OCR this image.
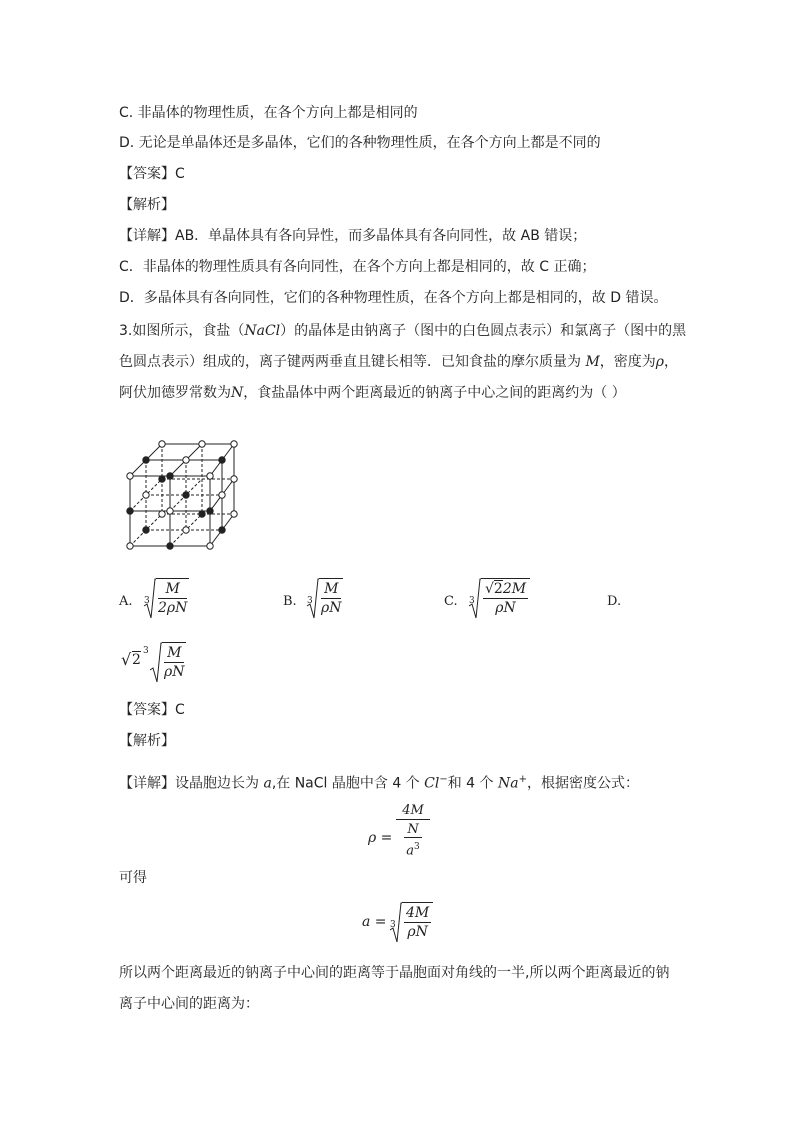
C. 非晶体的物理性质，在各个方向上都是相同的
D. 无论是单晶体还是多晶体，它们的各种物理性质，在各个方向上都是不同的
【答案】C
【解析】
【详解】AB．单晶体具有各向异性，而多晶体具有各向同性，故 AB 错误；
C．非晶体的物理性质具有各向同性，在各个方向上都是相同的，故 C 正确；
D．多晶体具有各向同性，它们的各种物理性质，在各个方向上都是相同的，故 D 错误。
3.如图所示，食盐（NaCl）的晶体是由钠离子（图中的白色圆点表示）和氯离子（图中的黑
色圆点表示）组成的，离子键两两垂直且键长相等．已知食盐的摩尔质量为 M，密度为ρ，
阿伏加德罗常数为N，食盐晶体中两个距离最近的钠离子中心之间的距离约为（ ）
A. $3 \frac{M}{2\rho N}$	B. $3 \frac{M}{\rho N}$	C. $3 \frac{√22M}{\rho N}$	D.
√ 2
$3 \frac{M}{\rho N}$
【答案】C
【解析】
【详解】设晶胞边长为 a,在 NaCl 晶胞中含 4 个 Cl−和 4 个 Na+，根据密度公式：
ρ =
4M
N
$a^3$
可得
$a = 3 \frac{4M}{\rho N}$
所以两个距离最近的钠离子中心间的距离等于晶胞面对角线的一半,所以两个距离最近的钠
离子中心间的距离为：
